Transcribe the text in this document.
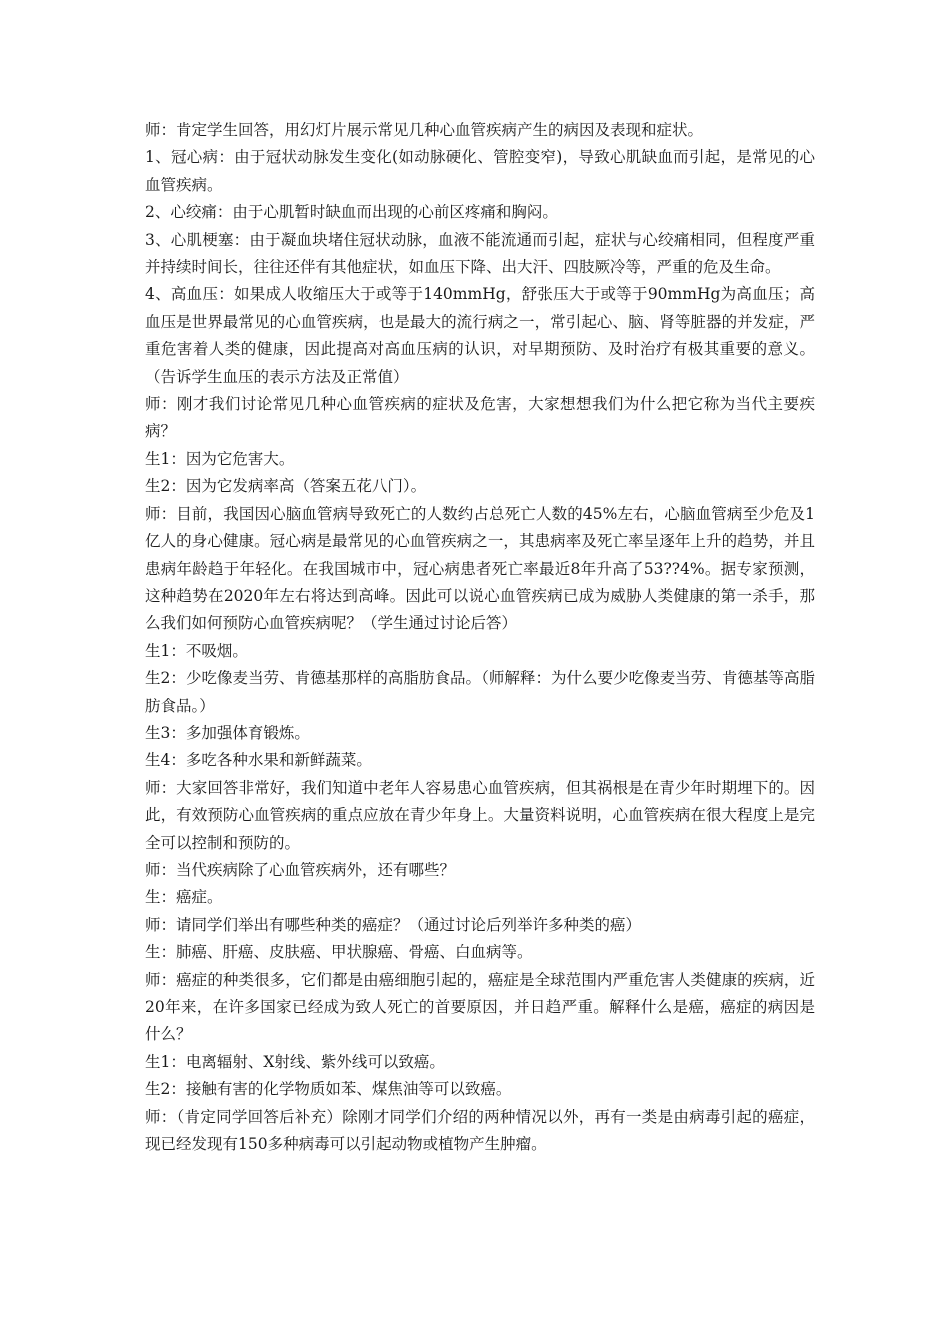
师：肯定学生回答，用幻灯片展示常见几种心血管疾病产生的病因及表现和症状。

1、冠心病：由于冠状动脉发生变化(如动脉硬化、管腔变窄)，导致心肌缺血而引起，是常见的心血管疾病。

2、心绞痛：由于心肌暂时缺血而出现的心前区疼痛和胸闷。

3、心肌梗塞：由于凝血块堵住冠状动脉，血液不能流通而引起，症状与心绞痛相同，但程度严重并持续时间长，往往还伴有其他症状，如血压下降、出大汗、四肢厥冷等，严重的危及生命。

4、高血压：如果成人收缩压大于或等于140mmHg，舒张压大于或等于90mmHg为高血压；高血压是世界最常见的心血管疾病，也是最大的流行病之一，常引起心、脑、肾等脏器的并发症，严重危害着人类的健康，因此提高对高血压病的认识，对早期预防、及时治疗有极其重要的意义。（告诉学生血压的表示方法及正常值）

师：刚才我们讨论常见几种心血管疾病的症状及危害，大家想想我们为什么把它称为当代主要疾病？

生1：因为它危害大。

生2：因为它发病率高（答案五花八门）。

师：目前，我国因心脑血管病导致死亡的人数约占总死亡人数的45%左右，心脑血管病至少危及1亿人的身心健康。冠心病是最常见的心血管疾病之一，其患病率及死亡率呈逐年上升的趋势，并且患病年龄趋于年轻化。在我国城市中，冠心病患者死亡率最近8年升高了53??4%。据专家预测，这种趋势在2020年左右将达到高峰。因此可以说心血管疾病已成为威胁人类健康的第一杀手，那么我们如何预防心血管疾病呢？（学生通过讨论后答）

生1：不吸烟。

生2：少吃像麦当劳、肯德基那样的高脂肪食品。（师解释：为什么要少吃像麦当劳、肯德基等高脂肪食品。）

生3：多加强体育锻炼。

生4：多吃各种水果和新鲜蔬菜。

师：大家回答非常好，我们知道中老年人容易患心血管疾病，但其祸根是在青少年时期埋下的。因此，有效预防心血管疾病的重点应放在青少年身上。大量资料说明，心血管疾病在很大程度上是完全可以控制和预防的。

师：当代疾病除了心血管疾病外，还有哪些？

生：癌症。

师：请同学们举出有哪些种类的癌症？（通过讨论后列举许多种类的癌）

生：肺癌、肝癌、皮肤癌、甲状腺癌、骨癌、白血病等。

师：癌症的种类很多，它们都是由癌细胞引起的，癌症是全球范围内严重危害人类健康的疾病，近20年来，在许多国家已经成为致人死亡的首要原因，并日趋严重。解释什么是癌，癌症的病因是什么？

生1：电离辐射、X射线、紫外线可以致癌。

生2：接触有害的化学物质如苯、煤焦油等可以致癌。

师：（肯定同学回答后补充）除刚才同学们介绍的两种情况以外，再有一类是由病毒引起的癌症，现已经发现有150多种病毒可以引起动物或植物产生肿瘤。
